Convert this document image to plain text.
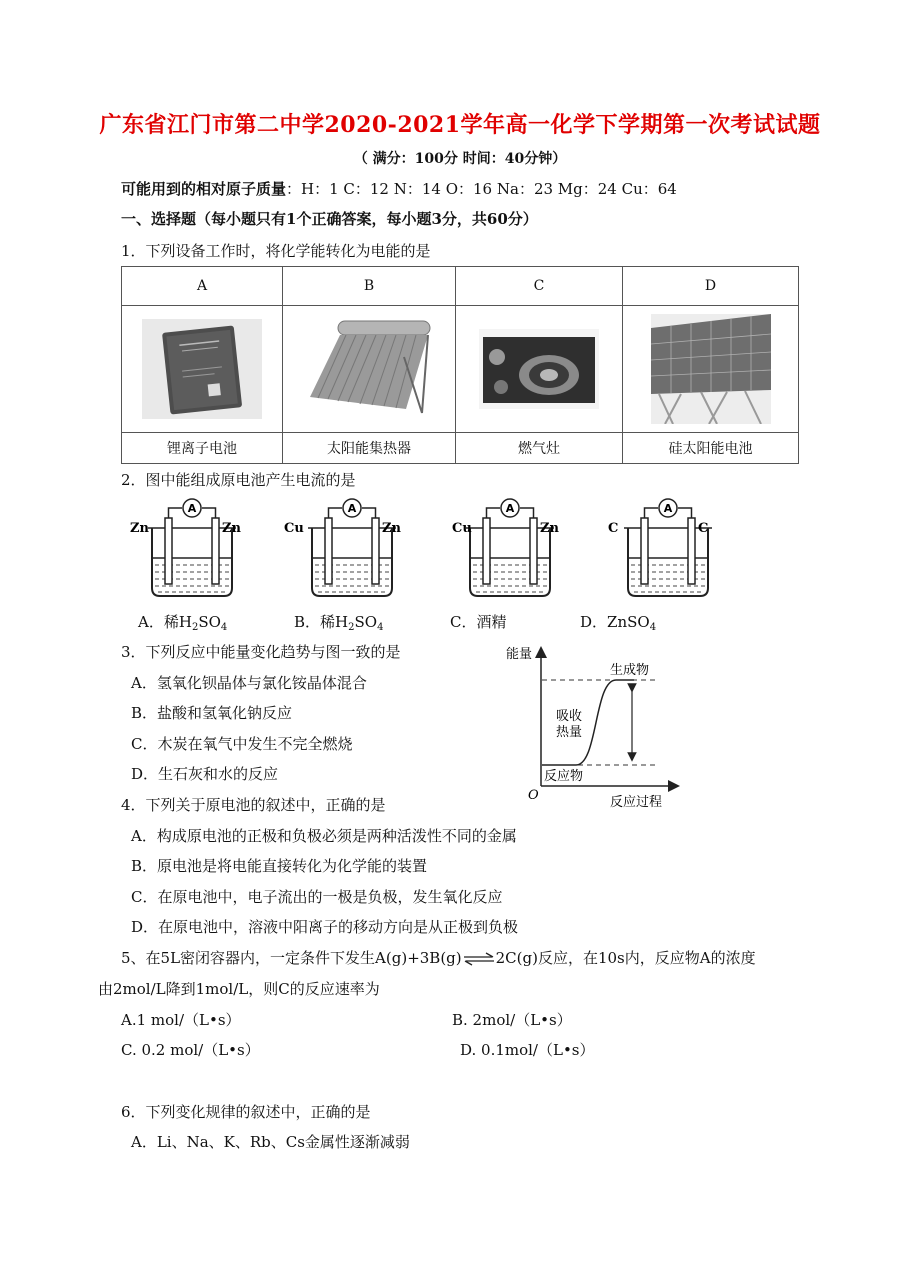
广东省江门市第二中学2020-2021学年高一化学下学期第一次考试试题
（ 满分：100分 时间：40分钟）
可能用到的相对原子质量：H：1 C：12 N：14 O：16 Na：23 Mg：24 Cu：64
一、选择题（每小题只有1个正确答案，每小题3分，共60分）
1．下列设备工作时，将化学能转化为电能的是
A	B	C	D

锂离子电池	太阳能集热器	燃气灶	硅太阳能电池
2．图中能组成原电池产生电流的是
A	A	A	A
Zn	Zn	Cu	Zn	Cu	Zn	C	C
A．稀$H_2SO_4$	B．稀$H_2SO_4$	C．酒精	D．ZnSO$_4$
3．下列反应中能量变化趋势与图一致的是
A．氢氧化钡晶体与氯化铵晶体混合
B．盐酸和氢氧化钠反应
C．木炭在氧气中发生不完全燃烧
D．生石灰和水的反应
能量
反应过程
O
生成物
反应物
吸收
热量
4．下列关于原电池的叙述中，正确的是
A．构成原电池的正极和负极必须是两种活泼性不同的金属
B．原电池是将电能直接转化为化学能的装置
C．在原电池中，电子流出的一极是负极，发生氧化反应
D．在原电池中，溶液中阳离子的移动方向是从正极到负极
5、在5L密闭容器内，一定条件下发生A(g)+3B(g)⇌2C(g)反应，在10s内，反应物A的浓度
由2mol/L降到1mol/L，则C的反应速率为
A.1 mol/（L•s）	B. 2mol/（L•s）
C. 0.2 mol/（L•s）	D. 0.1mol/（L•s）
6．下列变化规律的叙述中，正确的是
A．Li、Na、K、Rb、Cs金属性逐渐减弱
